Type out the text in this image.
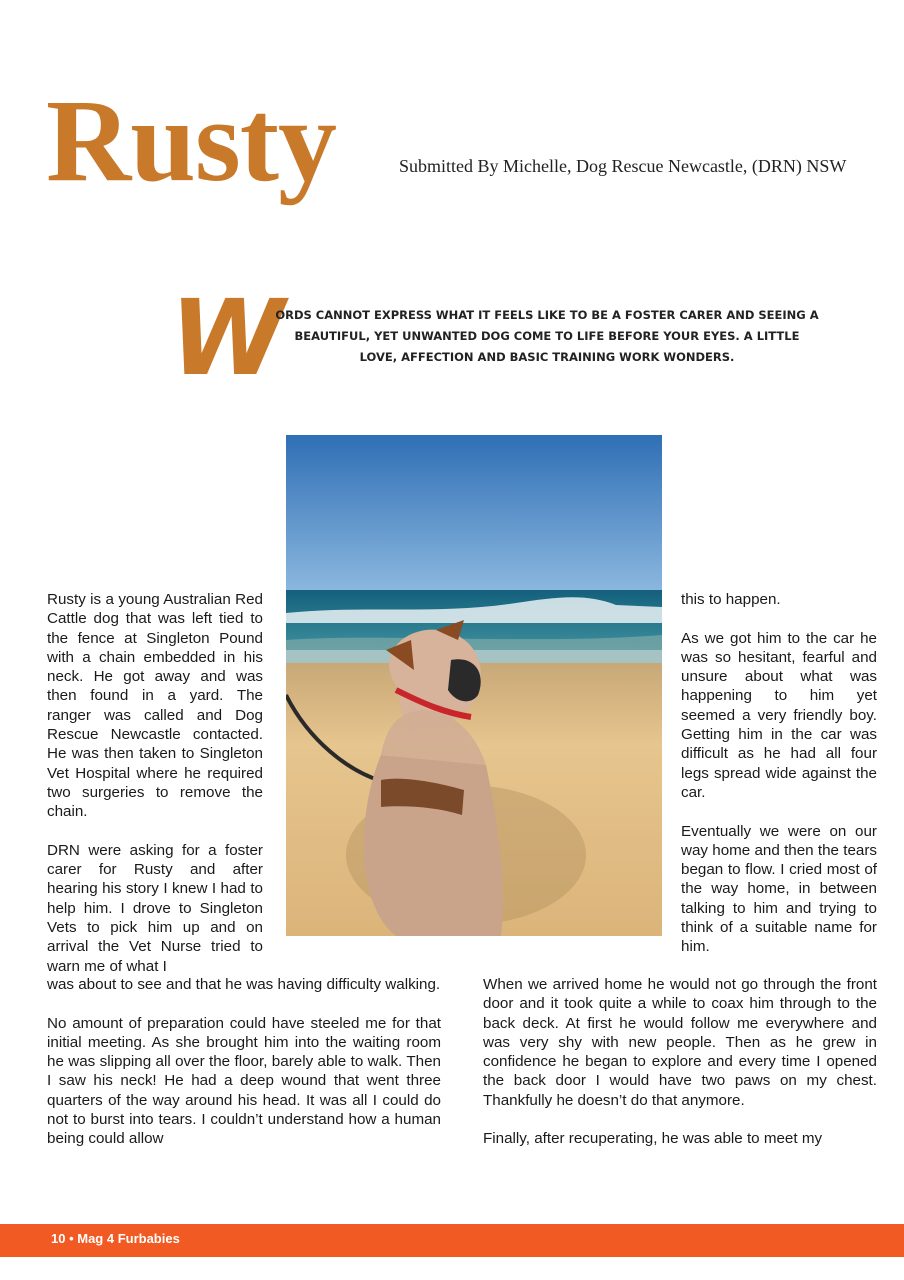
Rusty	Submitted By Michelle, Dog Rescue Newcastle, (DRN) NSW
W
ORDS CANNOT EXPRESS WHAT IT FEELS LIKE TO BE A FOSTER CARER AND SEEING A
BEAUTIFUL, YET UNWANTED DOG COME TO LIFE BEFORE YOUR EYES. A LITTLE
LOVE, AFFECTION AND BASIC TRAINING WORK WONDERS.

Rusty is a young Australian Red Cattle dog that was left tied to the fence at Singleton Pound with a chain embedded in his neck. He got away and was then found in a yard. The ranger was called and Dog Rescue Newcastle contacted. He was then taken to Singleton Vet Hospital where he required two surgeries to remove the chain.

DRN were asking for a foster carer for Rusty and after hearing his story I knew I had to help him. I drove to Singleton Vets to pick him up and on arrival the Vet Nurse tried to warn me of what I

was about to see and that he was having difficulty walking.

No amount of preparation could have steeled me for that initial meeting. As she brought him into the waiting room he was slipping all over the floor, barely able to walk. Then I saw his neck! He had a deep wound that went three quarters of the way around his head. It was all I could do not to burst into tears. I couldn’t understand how a human being could allow

this to happen.

As we got him to the car he was so hesitant, fearful and unsure about what was happening to him yet seemed a very friendly boy. Getting him in the car was difficult as he had all four legs spread wide against the car.

Eventually we were on our way home and then the tears began to flow. I cried most of the way home, in between talking to him and trying to think of a suitable name for him.

When we arrived home he would not go through the front door and it took quite a while to coax him through to the back deck. At first he would follow me everywhere and was very shy with new people. Then as he grew in confidence he began to explore and every time I opened the back door I would have two paws on my chest. Thankfully he doesn’t do that anymore.

Finally, after recuperating, he was able to meet my

10 • Mag 4 Furbabies
